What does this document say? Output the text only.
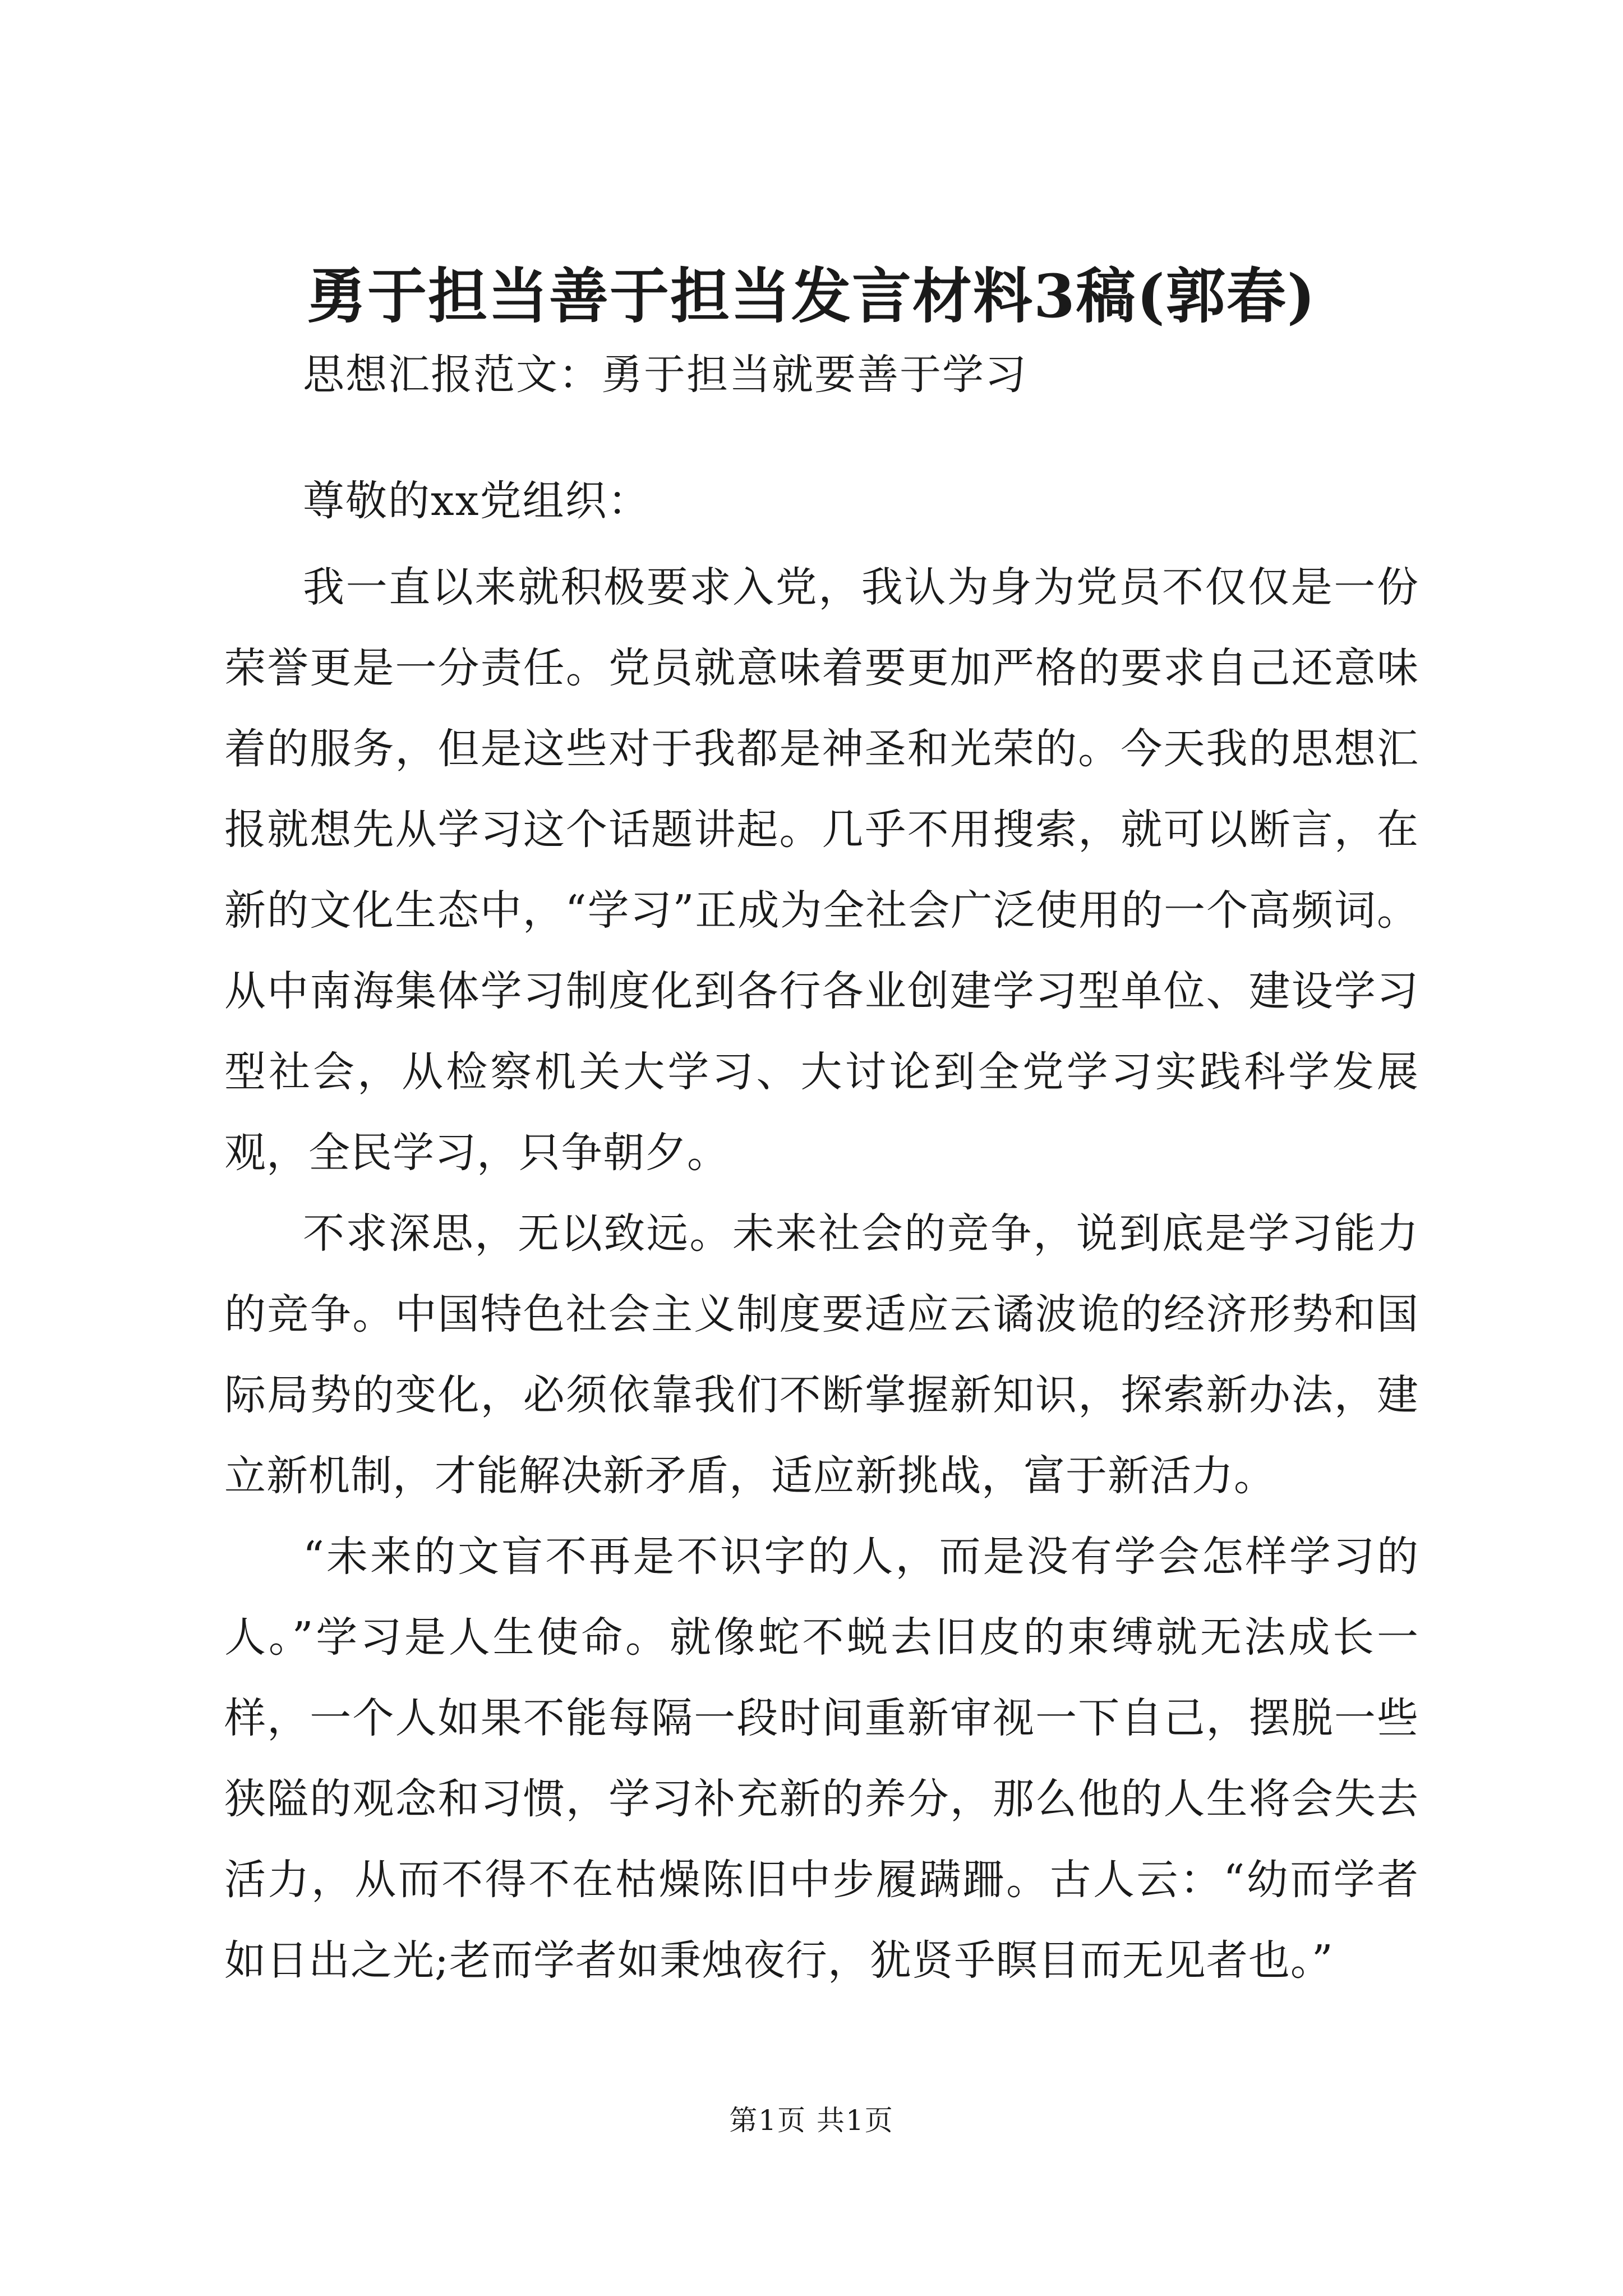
勇于担当善于担当发言材料3稿(郭春)
思想汇报范文：勇于担当就要善于学习
尊敬的xx党组织：

我一直以来就积极要求入党，我认为身为党员不仅仅是一份荣誉更是一分责任。党员就意味着要更加严格的要求自己还意味着的服务，但是这些对于我都是神圣和光荣的。今天我的思想汇报就想先从学习这个话题讲起。几乎不用搜索，就可以断言，在新的文化生态中，“学习”正成为全社会广泛使用的一个高频词。从中南海集体学习制度化到各行各业创建学习型单位、建设学习型社会，从检察机关大学习、大讨论到全党学习实践科学发展观，全民学习，只争朝夕。

不求深思，无以致远。未来社会的竞争，说到底是学习能力的竞争。中国特色社会主义制度要适应云谲波诡的经济形势和国际局势的变化，必须依靠我们不断掌握新知识，探索新办法，建立新机制，才能解决新矛盾，适应新挑战，富于新活力。

“未来的文盲不再是不识字的人，而是没有学会怎样学习的人。”学习是人生使命。就像蛇不蜕去旧皮的束缚就无法成长一样，一个人如果不能每隔一段时间重新审视一下自己，摆脱一些狭隘的观念和习惯，学习补充新的养分，那么他的人生将会失去活力，从而不得不在枯燥陈旧中步履蹒跚。古人云：“幼而学者如日出之光;老而学者如秉烛夜行，犹贤乎瞑目而无见者也。”

第1页 共1页
